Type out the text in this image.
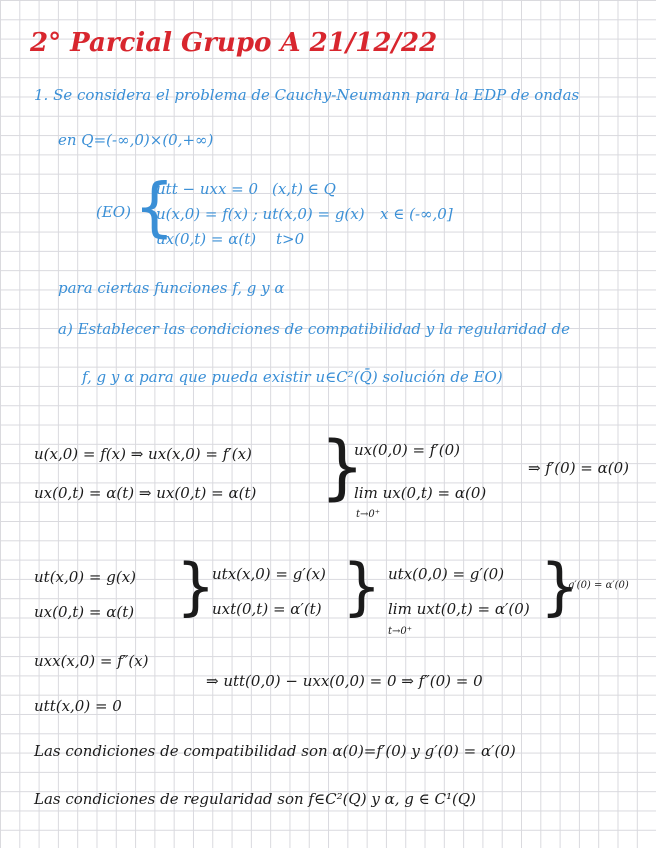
2° Parcial Grupo A 21/12/22
1. Se considera el problema de Cauchy-Neumann para la EDP de ondas
en Q=(-∞,0)×(0,+∞)
(EO) {
utt − uxx = 0 (x,t) ∈ Q
u(x,0) = f(x) ; ut(x,0) = g(x) x ∈ (-∞,0]
ux(0,t) = α(t) t>0
para ciertas funciones f, g y α
a) Establecer las condiciones de compatibilidad y la regularidad de
f, g y α para que pueda existir u∈C²(Q̄) solución de EO)
u(x,0) = f(x) ⇒ ux(x,0) = f′(x)
ux(0,t) = α(t) ⇒ ux(0,t) = α(t) }
ux(0,0) = f′(0)
lim ux(0,t) = α(0)
t→0⁺
⇒ f′(0) = α(0)
ut(x,0) = g(x)
ux(0,t) = α(t) }
utx(x,0) = g′(x)
uxt(0,t) = α′(t) } utx(0,0) = g′(0)
lim uxt(0,t) = α′(0)
t→0⁺
}
g′(0) = α′(0)
uxx(x,0) = f″(x)
⇒ utt(0,0) − uxx(0,0) = 0 ⇒ f″(0) = 0
utt(x,0) = 0
Las condiciones de compatibilidad son α(0)=f′(0) y g′(0) = α′(0)
Las condiciones de regularidad son f∈C²(Q) y α, g ∈ C¹(Q)
